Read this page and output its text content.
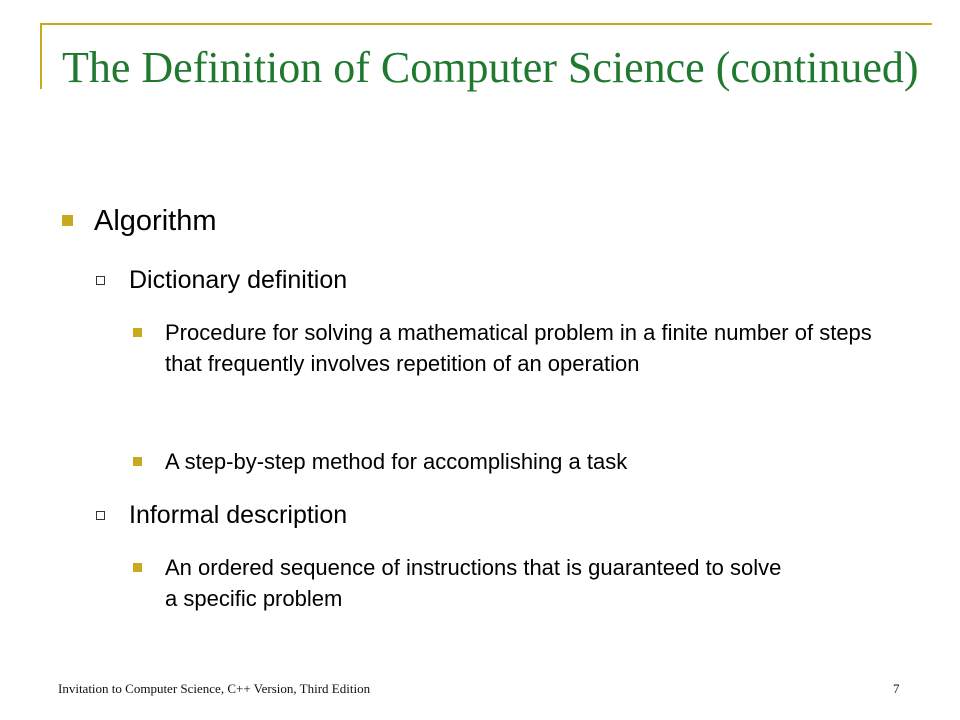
The Definition of Computer Science (continued)
Algorithm
Dictionary definition
Procedure for solving a mathematical problem in a finite number of steps that frequently involves repetition of an operation
A step-by-step method for accomplishing a task
Informal description
An ordered sequence of instructions that is guaranteed to solve a specific problem
Invitation to Computer Science, C++ Version, Third Edition	7
